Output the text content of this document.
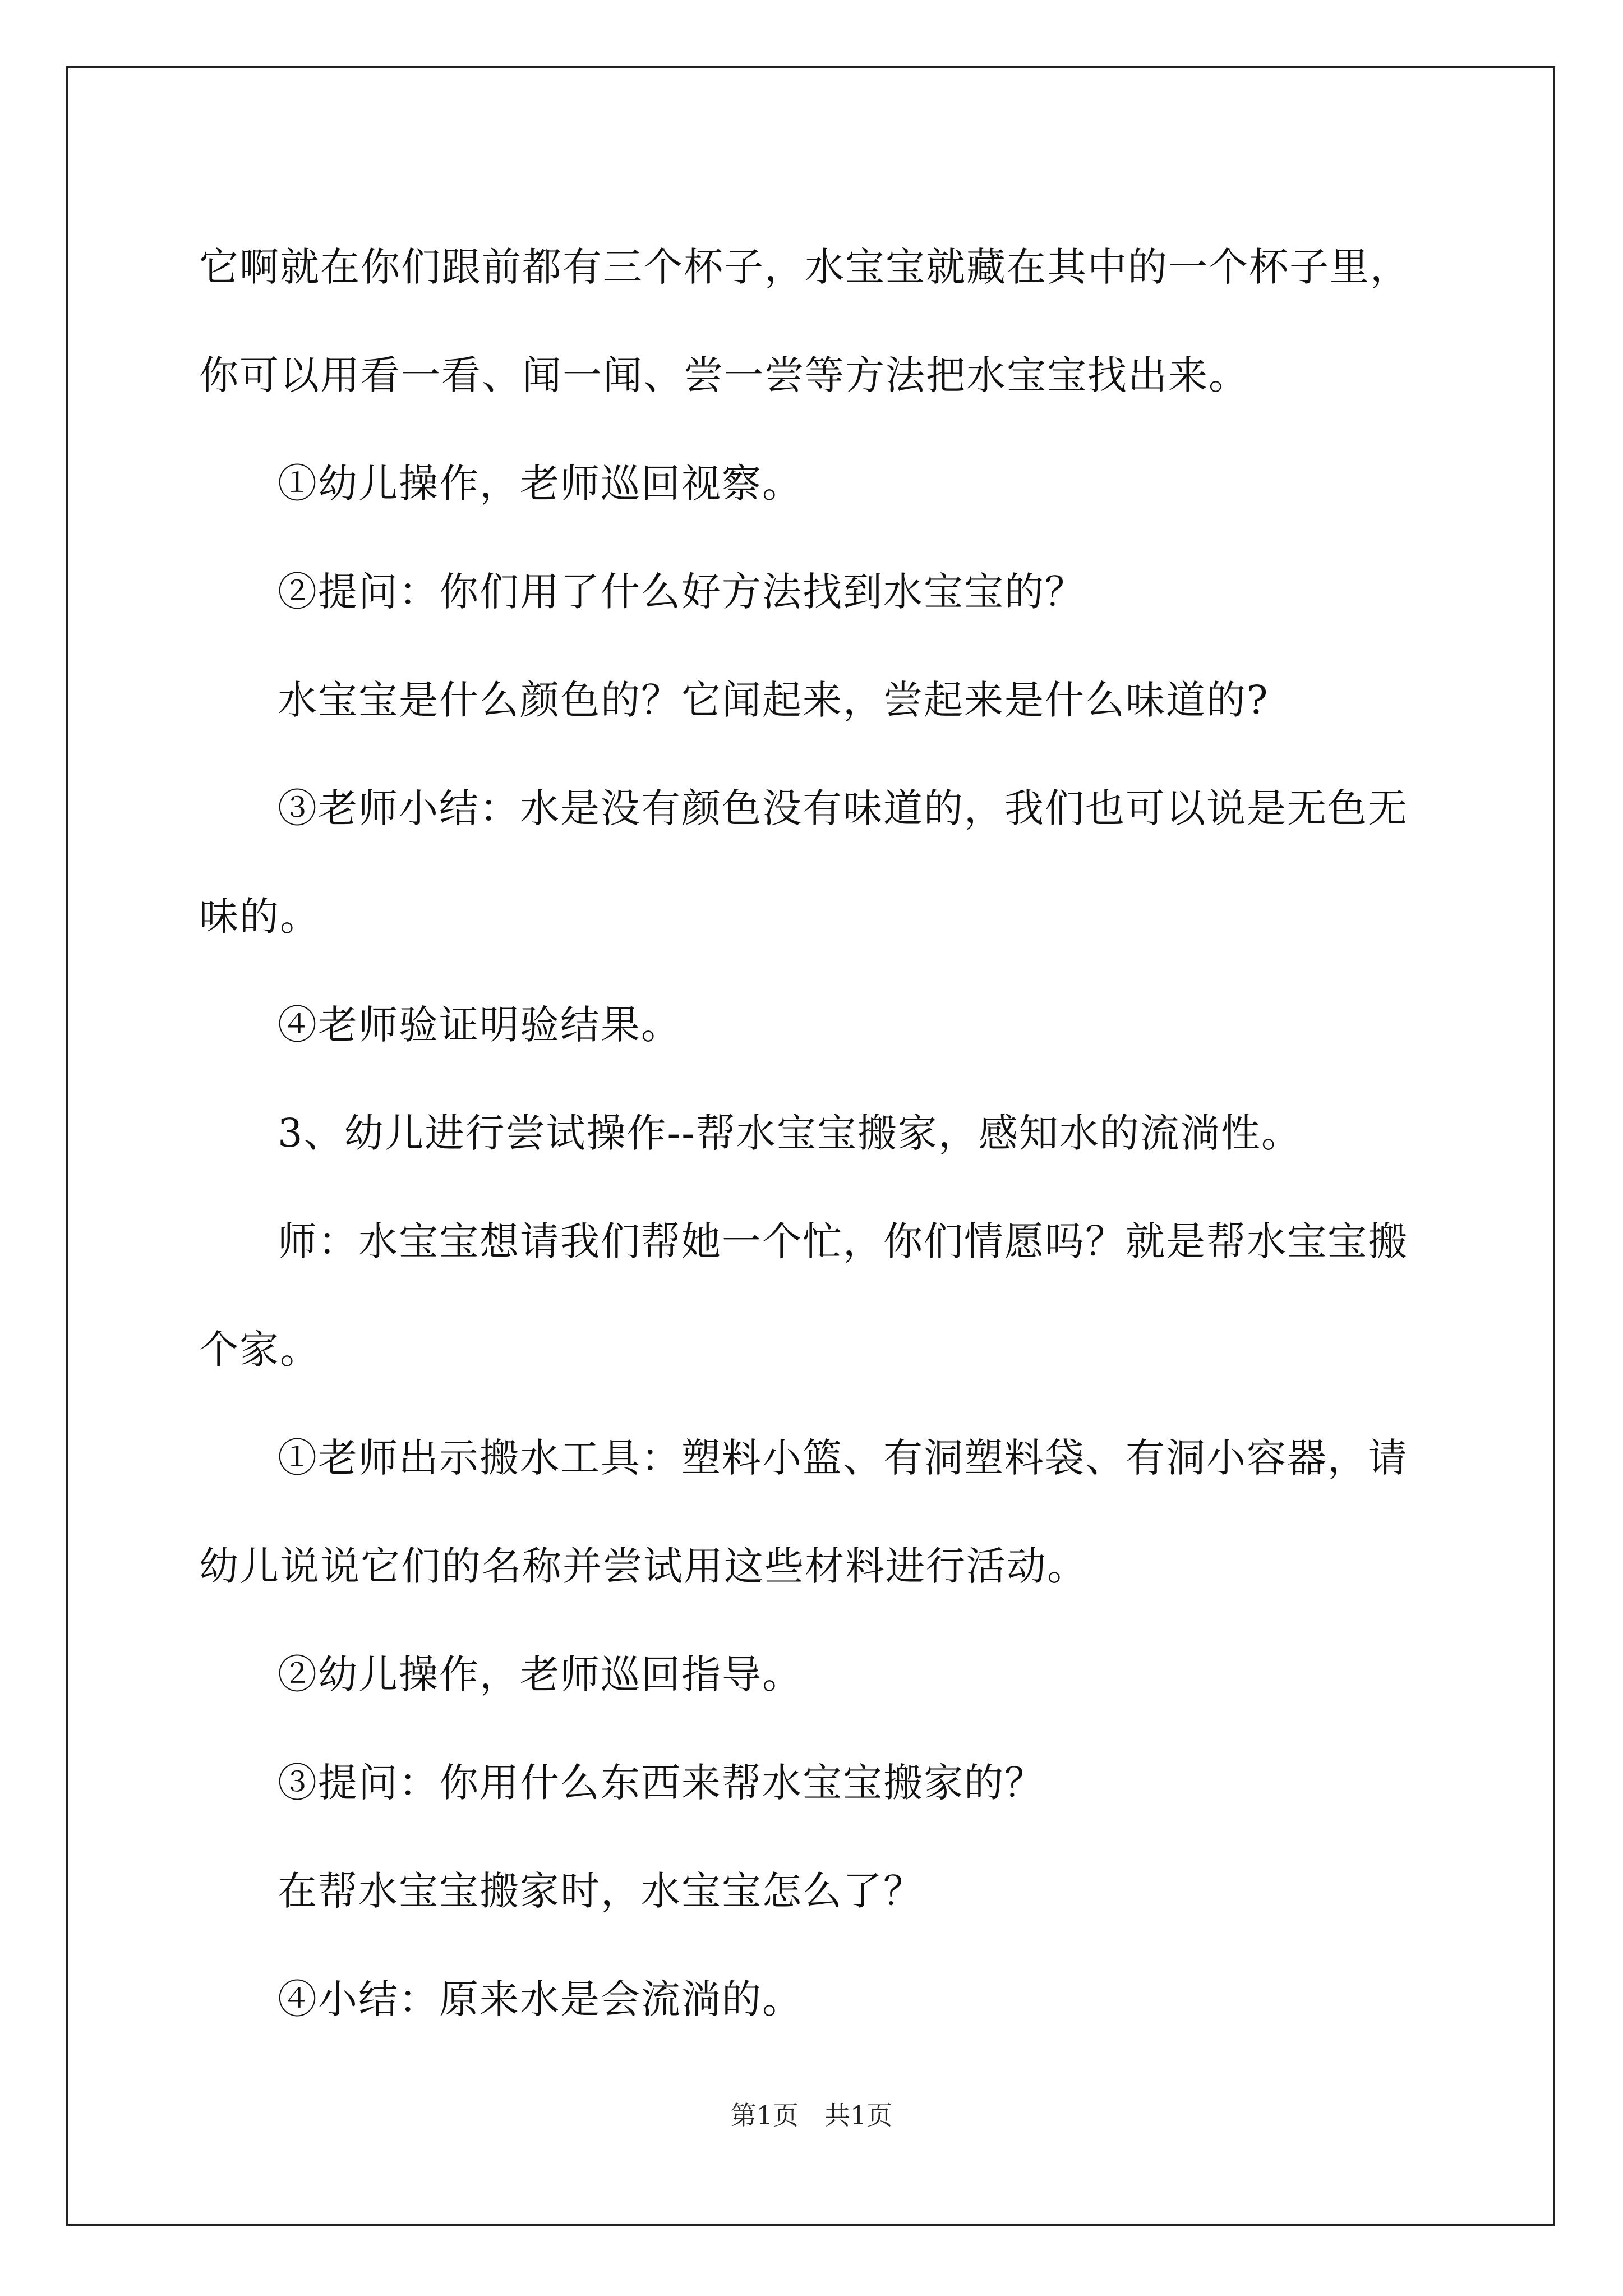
它啊就在你们跟前都有三个杯子，水宝宝就藏在其中的一个杯子里，你可以用看一看、闻一闻、尝一尝等方法把水宝宝找出来。

①幼儿操作，老师巡回视察。

②提问：你们用了什么好方法找到水宝宝的？

水宝宝是什么颜色的？它闻起来，尝起来是什么味道的?

③老师小结：水是没有颜色没有味道的，我们也可以说是无色无味的。

④老师验证明验结果。

3、幼儿进行尝试操作--帮水宝宝搬家，感知水的流淌性。

师：水宝宝想请我们帮她一个忙，你们情愿吗？就是帮水宝宝搬个家。

①老师出示搬水工具：塑料小篮、有洞塑料袋、有洞小容器，请幼儿说说它们的名称并尝试用这些材料进行活动。

②幼儿操作，老师巡回指导。

③提问：你用什么东西来帮水宝宝搬家的？

在帮水宝宝搬家时，水宝宝怎么了？

④小结：原来水是会流淌的。

第1页　共1页
